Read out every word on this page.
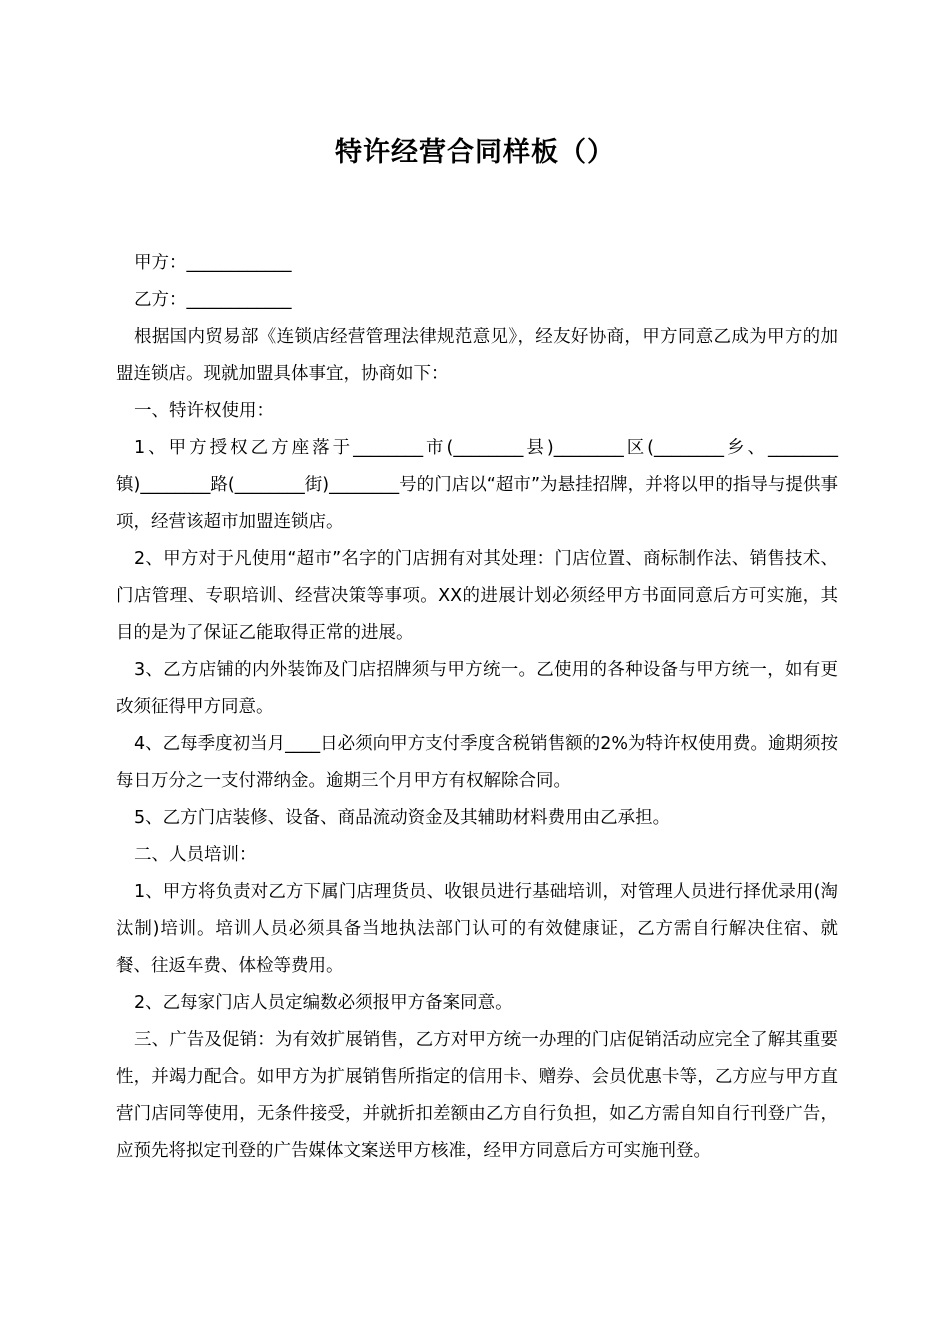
特许经营合同样板（）

甲方：____________

乙方：____________

根据国内贸易部《连锁店经营管理法律规范意见》，经友好协商，甲方同意乙成为甲方的加盟连锁店。现就加盟具体事宜，协商如下：

一、特许权使用：

1、甲方授权乙方座落于________市(________县)________区(________乡、________镇)________路(________街)________号的门店以“超市”为悬挂招牌，并将以甲的指导与提供事项，经营该超市加盟连锁店。

2、甲方对于凡使用“超市”名字的门店拥有对其处理：门店位置、商标制作法、销售技术、门店管理、专职培训、经营决策等事项。XX的进展计划必须经甲方书面同意后方可实施，其目的是为了保证乙能取得正常的进展。

3、乙方店铺的内外装饰及门店招牌须与甲方统一。乙使用的各种设备与甲方统一，如有更改须征得甲方同意。

4、乙每季度初当月____日必须向甲方支付季度含税销售额的2%为特许权使用费。逾期须按每日万分之一支付滞纳金。逾期三个月甲方有权解除合同。

5、乙方门店装修、设备、商品流动资金及其辅助材料费用由乙承担。

二、人员培训：

1、甲方将负责对乙方下属门店理货员、收银员进行基础培训，对管理人员进行择优录用(淘汰制)培训。培训人员必须具备当地执法部门认可的有效健康证，乙方需自行解决住宿、就餐、往返车费、体检等费用。

2、乙每家门店人员定编数必须报甲方备案同意。

三、广告及促销：为有效扩展销售，乙方对甲方统一办理的门店促销活动应完全了解其重要性，并竭力配合。如甲方为扩展销售所指定的信用卡、赠券、会员优惠卡等，乙方应与甲方直营门店同等使用，无条件接受，并就折扣差额由乙方自行负担，如乙方需自知自行刊登广告，应预先将拟定刊登的广告媒体文案送甲方核准，经甲方同意后方可实施刊登。
